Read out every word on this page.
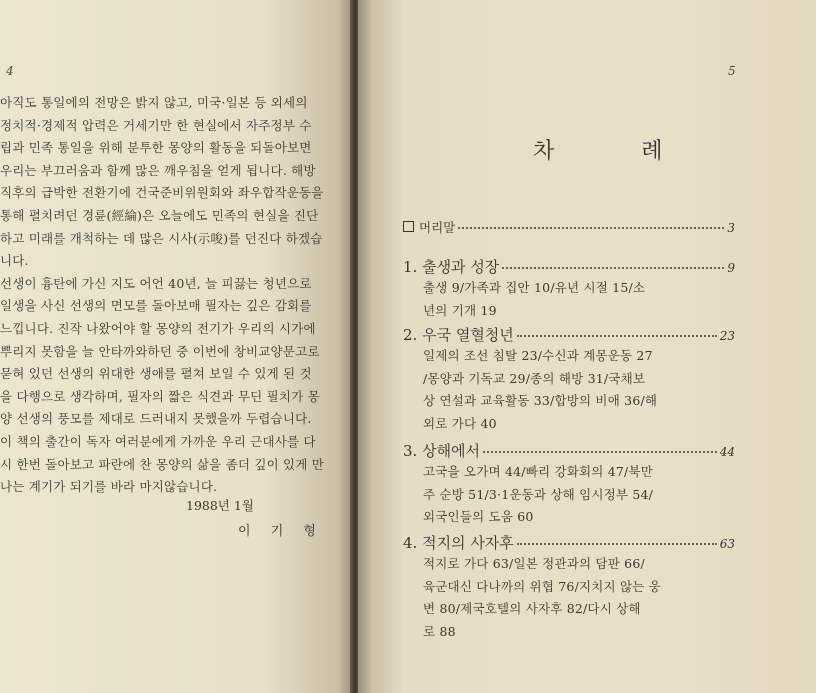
4
아직도 통일에의 전망은 밝지 않고, 미국·일본 등 외세의
정치적·경제적 압력은 거세기만 한 현실에서 자주정부 수
립과 민족 통일을 위해 분투한 몽양의 활동을 되돌아보면
우리는 부끄러움과 함께 많은 깨우침을 얻게 됩니다. 해방
직후의 급박한 전환기에 건국준비위원회와 좌우합작운동을
통해 펼치려던 경륜(經綸)은 오늘에도 민족의 현실을 진단
하고 미래를 개척하는 데 많은 시사(示唆)를 던진다 하겠습
니다.
선생이 흉탄에 가신 지도 어언 40년, 늘 피끓는 청년으로
일생을 사신 선생의 면모를 돌아보매 필자는 깊은 감회를
느낍니다. 진작 나왔어야 할 몽양의 전기가 우리의 시가에
뿌리지 못함을 늘 안타까와하던 중 이번에 창비교양문고로
묻혀 있던 선생의 위대한 생애를 펼쳐 보일 수 있게 된 것
을 다행으로 생각하며, 필자의 짧은 식견과 무딘 필치가 몽
양 선생의 풍모를 제대로 드러내지 못했을까 두렵습니다.
이 책의 출간이 독자 여러분에게 가까운 우리 근대사를 다
시 한번 돌아보고 파란에 찬 몽양의 삶을 좀더 깊이 있게 만
나는 계기가 되기를 바라 마지않습니다.
1988년 1월
이 기 형
5
차 례
머리말	3
1. 출생과 성장	9
출생 9/가족과 집안 10/유년 시절 15/소
년의 기개 19
2. 우국 열혈청년	23
일제의 조선 침탈 23/수신과 계몽운동 27
/몽양과 기독교 29/종의 해방 31/국채보
상 연설과 교육활동 33/합방의 비애 36/해
외로 가다 40
3. 상해에서	44
고국을 오가며 44/빠리 강화회의 47/북만
주 순방 51/3·1운동과 상해 임시정부 54/
외국인들의 도움 60
4. 적지의 사자후	63
적지로 가다 63/일본 정관과의 담판 66/
육군대신 다나까의 위협 76/지치지 않는 웅
변 80/제국호텔의 사자후 82/다시 상해
로 88
